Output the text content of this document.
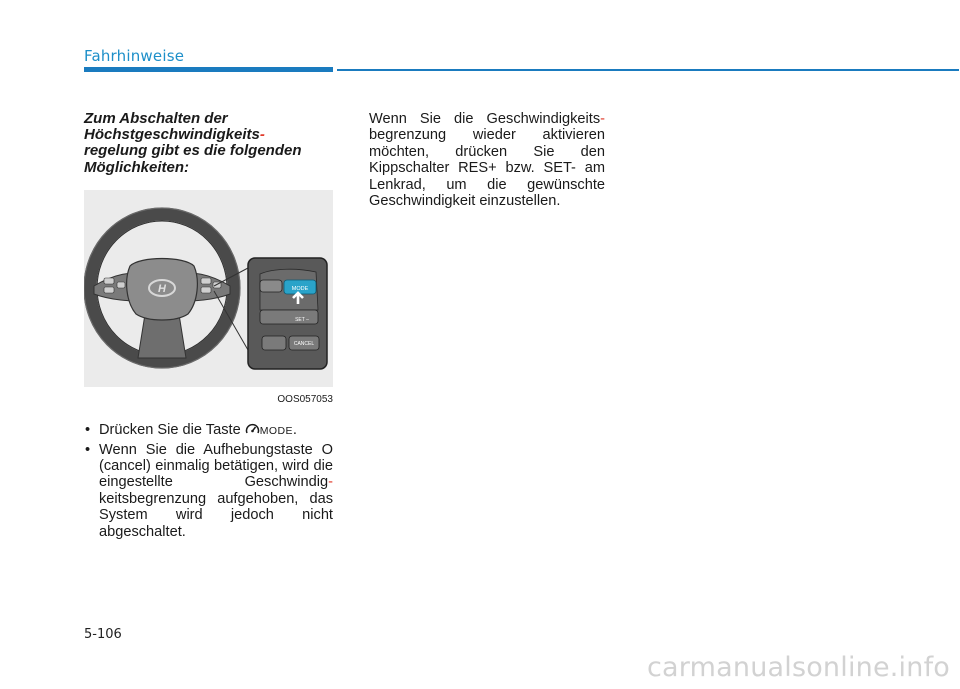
Fahrhinweise

Zum Abschalten der Höchstgeschwindigkeits-
regelung gibt es die folgenden Möglichkeiten:

H	MODE
SET –
CANCEL
OOS057053
• Drücken Sie die Taste MODE.
• Wenn Sie die Aufhebungstaste O (cancel) einmalig betätigen, wird die eingestellte Geschwindig- keitsbegrenzung aufgehoben, das System wird jedoch nicht abgeschaltet.

Wenn Sie die Geschwindigkeits- begrenzung wieder aktivieren möchten, drücken Sie den Kippschalter RES+ bzw. SET- am Lenkrad, um die gewünschte Geschwindigkeit einzustellen.

5-106
carmanualsonline.info
